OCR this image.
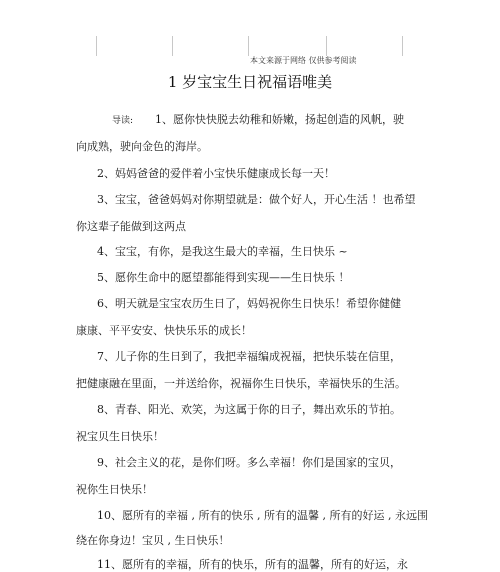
本文来源于网络 仅供参考阅读
1 岁宝宝生日祝福语唯美
导读: 1、愿你快快脱去幼稚和娇嫩，扬起创造的风帆，驶
向成熟，驶向金色的海岸。
2、妈妈爸爸的爱伴着小宝快乐健康成长每一天！
3、宝宝，爸爸妈妈对你期望就是：做个好人，开心生活 ！也希望
你这辈子能做到这两点
4、宝宝，有你，是我这生最大的幸福，生日快乐 ~
5、愿你生命中的愿望都能得到实现——生日快乐 ！
6、明天就是宝宝农历生日了，妈妈祝你生日快乐！希望你健健
康康、平平安安、快快乐乐的成长！
7、儿子你的生日到了，我把幸福编成祝福，把快乐装在信里，
把健康融在里面，一并送给你，祝福你生日快乐，幸福快乐的生活。
8、青春、阳光、欢笑，为这属于你的日子，舞出欢乐的节拍。
祝宝贝生日快乐！
9、社会主义的花，是你们呀。多么幸福！你们是国家的宝贝，
祝你生日快乐！
10、愿所有的幸福 , 所有的快乐 , 所有的温馨 , 所有的好运 , 永远围
绕在你身边！宝贝 , 生日快乐！
11、愿所有的幸福，所有的快乐，所有的温馨，所有的好运，永
